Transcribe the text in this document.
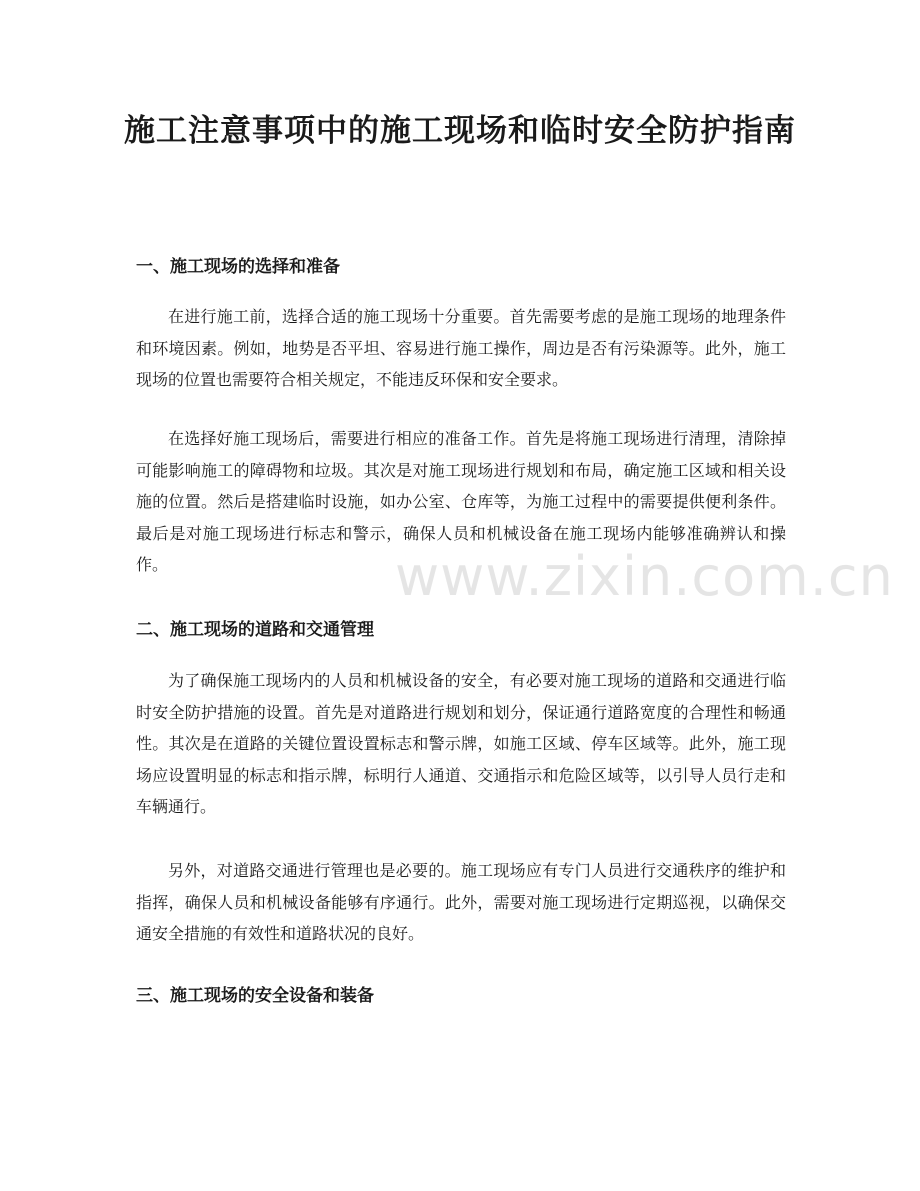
施工注意事项中的施工现场和临时安全防护指南
www.zixin.com.cn
一、施工现场的选择和准备

在进行施工前，选择合适的施工现场十分重要。首先需要考虑的是施工现场的地理条件和环境因素。例如，地势是否平坦、容易进行施工操作，周边是否有污染源等。此外，施工现场的位置也需要符合相关规定，不能违反环保和安全要求。

在选择好施工现场后，需要进行相应的准备工作。首先是将施工现场进行清理，清除掉可能影响施工的障碍物和垃圾。其次是对施工现场进行规划和布局，确定施工区域和相关设施的位置。然后是搭建临时设施，如办公室、仓库等，为施工过程中的需要提供便利条件。最后是对施工现场进行标志和警示，确保人员和机械设备在施工现场内能够准确辨认和操作。

二、施工现场的道路和交通管理

为了确保施工现场内的人员和机械设备的安全，有必要对施工现场的道路和交通进行临时安全防护措施的设置。首先是对道路进行规划和划分，保证通行道路宽度的合理性和畅通性。其次是在道路的关键位置设置标志和警示牌，如施工区域、停车区域等。此外，施工现场应设置明显的标志和指示牌，标明行人通道、交通指示和危险区域等，以引导人员行走和车辆通行。

另外，对道路交通进行管理也是必要的。施工现场应有专门人员进行交通秩序的维护和指挥，确保人员和机械设备能够有序通行。此外，需要对施工现场进行定期巡视，以确保交通安全措施的有效性和道路状况的良好。

三、施工现场的安全设备和装备
